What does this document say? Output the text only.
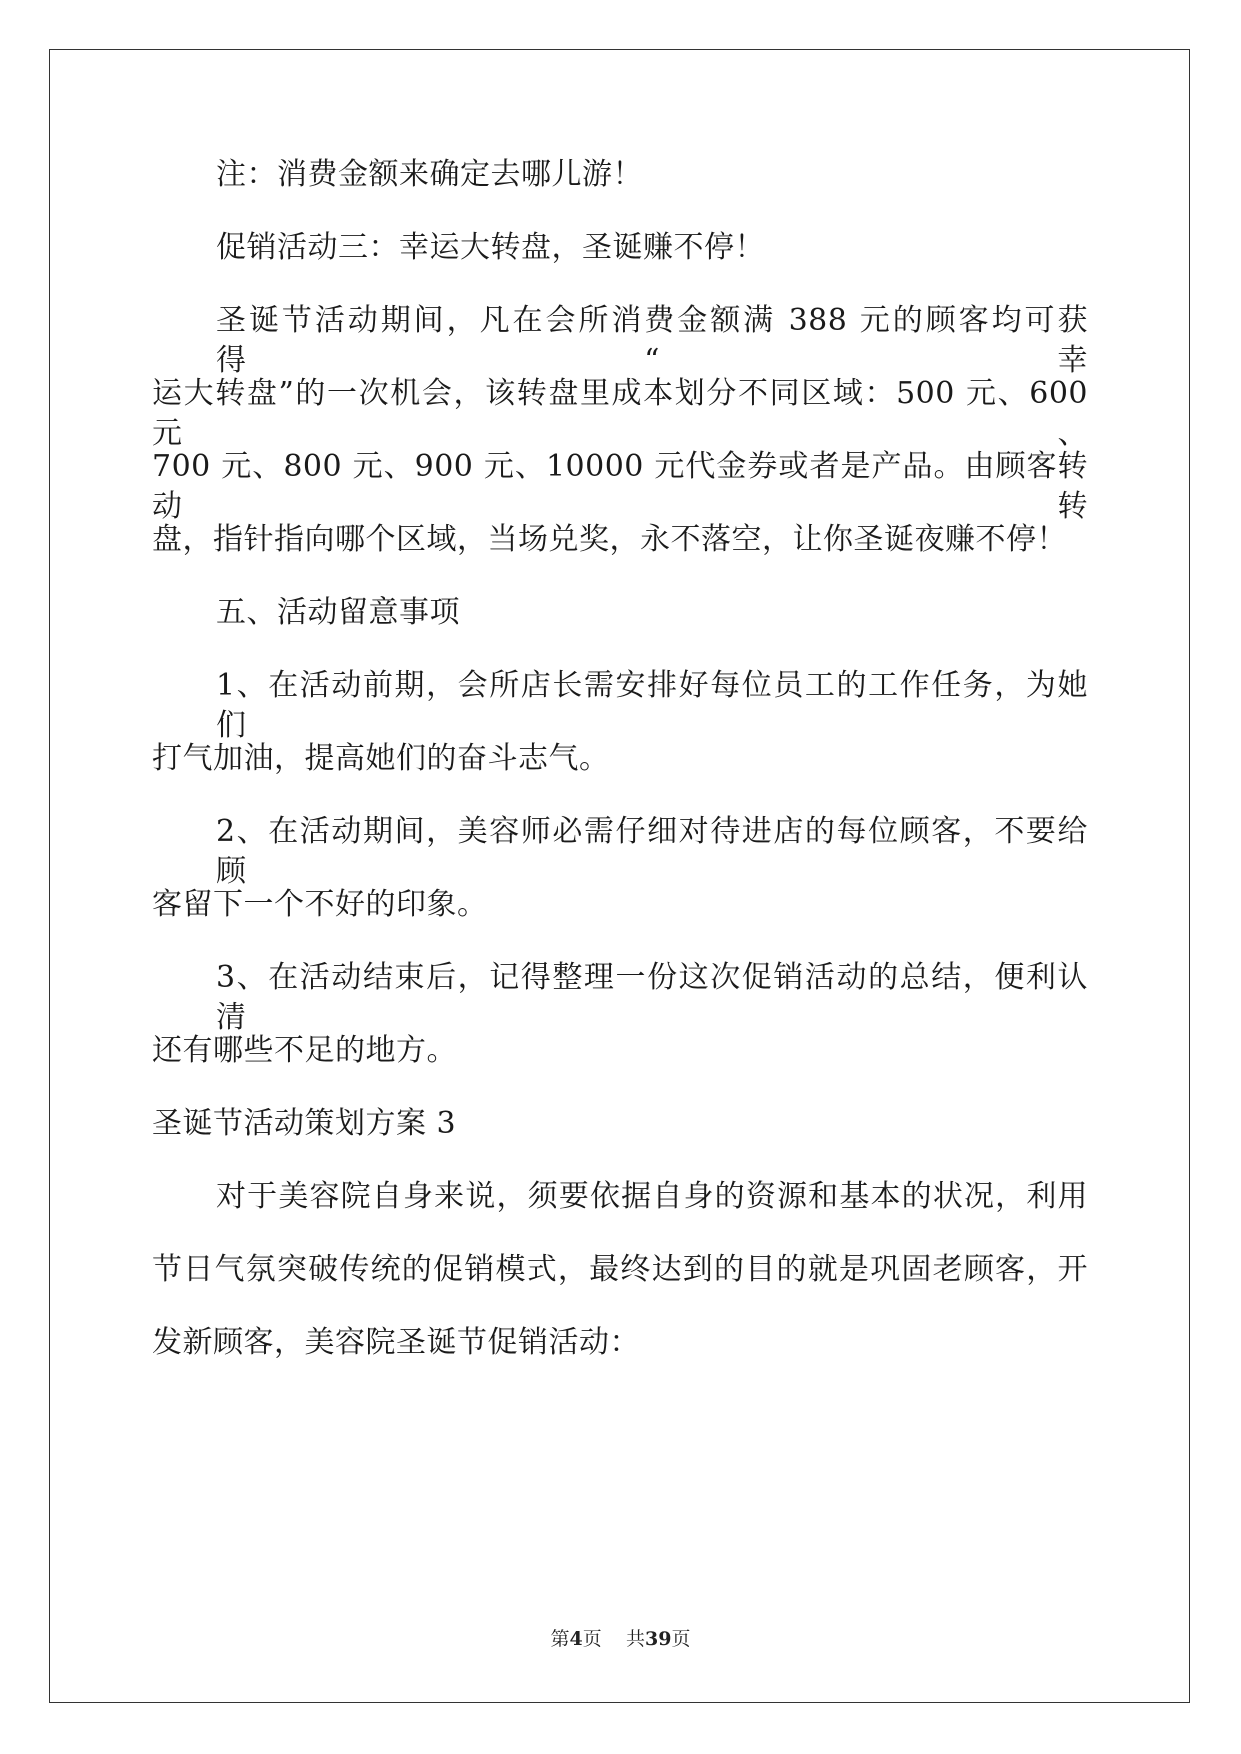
注：消费金额来确定去哪儿游！
促销活动三：幸运大转盘，圣诞赚不停！
圣诞节活动期间，凡在会所消费金额满 388 元的顾客均可获得“幸
运大转盘”的一次机会，该转盘里成本划分不同区域：500 元、600 元、
700 元、800 元、900 元、10000 元代金券或者是产品。由顾客转动转
盘，指针指向哪个区域，当场兑奖，永不落空，让你圣诞夜赚不停！
五、活动留意事项
1、在活动前期，会所店长需安排好每位员工的工作任务，为她们
打气加油，提高她们的奋斗志气。
2、在活动期间，美容师必需仔细对待进店的每位顾客，不要给顾
客留下一个不好的印象。
3、在活动结束后，记得整理一份这次促销活动的总结，便利认清
还有哪些不足的地方。
圣诞节活动策划方案 3
对于美容院自身来说，须要依据自身的资源和基本的状况，利用
节日气氛突破传统的促销模式，最终达到的目的就是巩固老顾客，开
发新顾客，美容院圣诞节促销活动：
第4页 共39页
